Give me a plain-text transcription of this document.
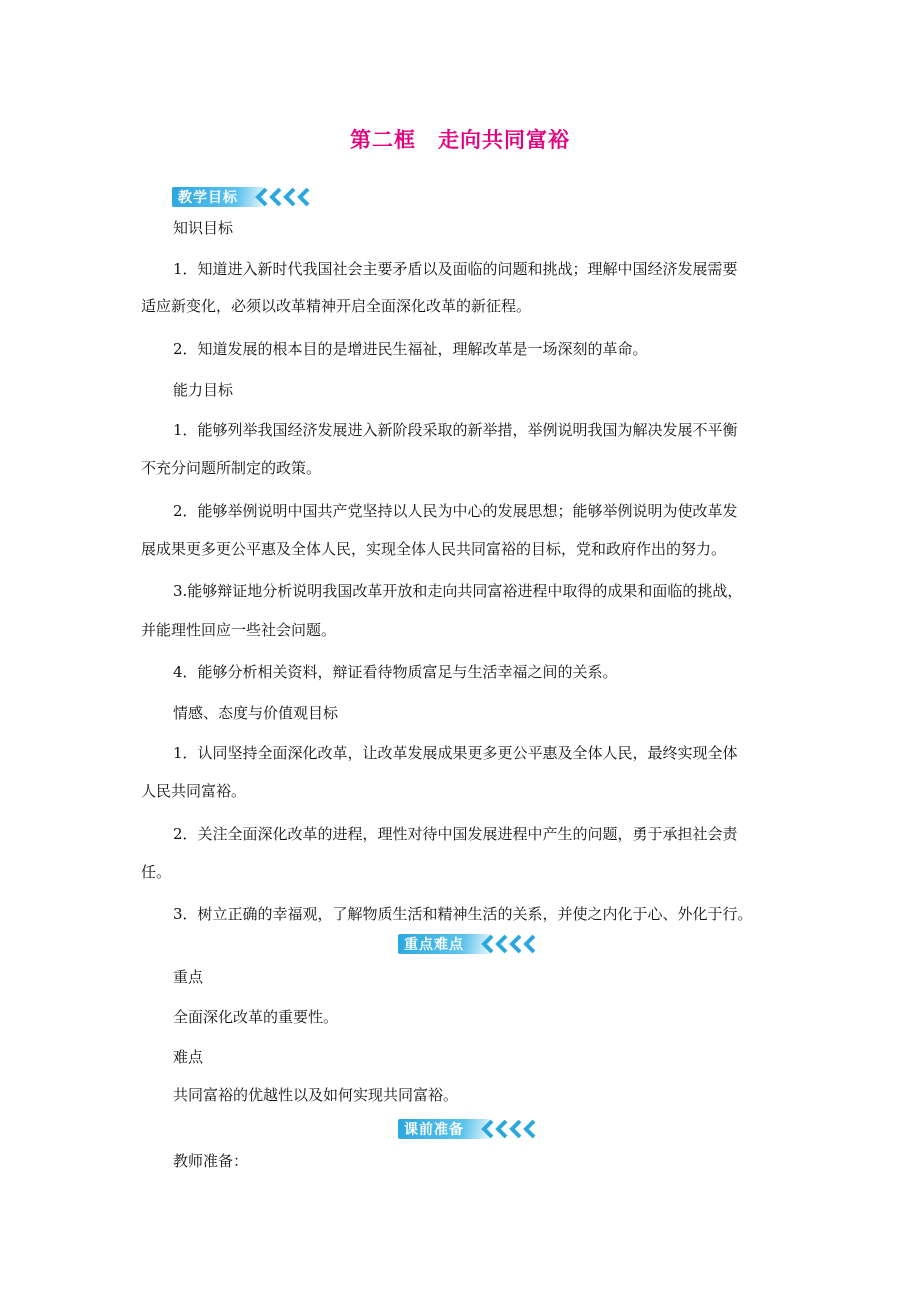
第二框　走向共同富裕
教学目标
知识目标
1．知道进入新时代我国社会主要矛盾以及面临的问题和挑战；理解中国经济发展需要
适应新变化，必须以改革精神开启全面深化改革的新征程。
2．知道发展的根本目的是增进民生福祉，理解改革是一场深刻的革命。
能力目标
1．能够列举我国经济发展进入新阶段采取的新举措，举例说明我国为解决发展不平衡
不充分问题所制定的政策。
2．能够举例说明中国共产党坚持以人民为中心的发展思想；能够举例说明为使改革发
展成果更多更公平惠及全体人民，实现全体人民共同富裕的目标，党和政府作出的努力。
3.能够辩证地分析说明我国改革开放和走向共同富裕进程中取得的成果和面临的挑战，
并能理性回应一些社会问题。
4．能够分析相关资料，辩证看待物质富足与生活幸福之间的关系。
情感、态度与价值观目标
1．认同坚持全面深化改革，让改革发展成果更多更公平惠及全体人民，最终实现全体
人民共同富裕。
2．关注全面深化改革的进程，理性对待中国发展进程中产生的问题，勇于承担社会责
任。
3．树立正确的幸福观，了解物质生活和精神生活的关系，并使之内化于心、外化于行。
重点难点
重点
全面深化改革的重要性。
难点
共同富裕的优越性以及如何实现共同富裕。
课前准备
教师准备：
